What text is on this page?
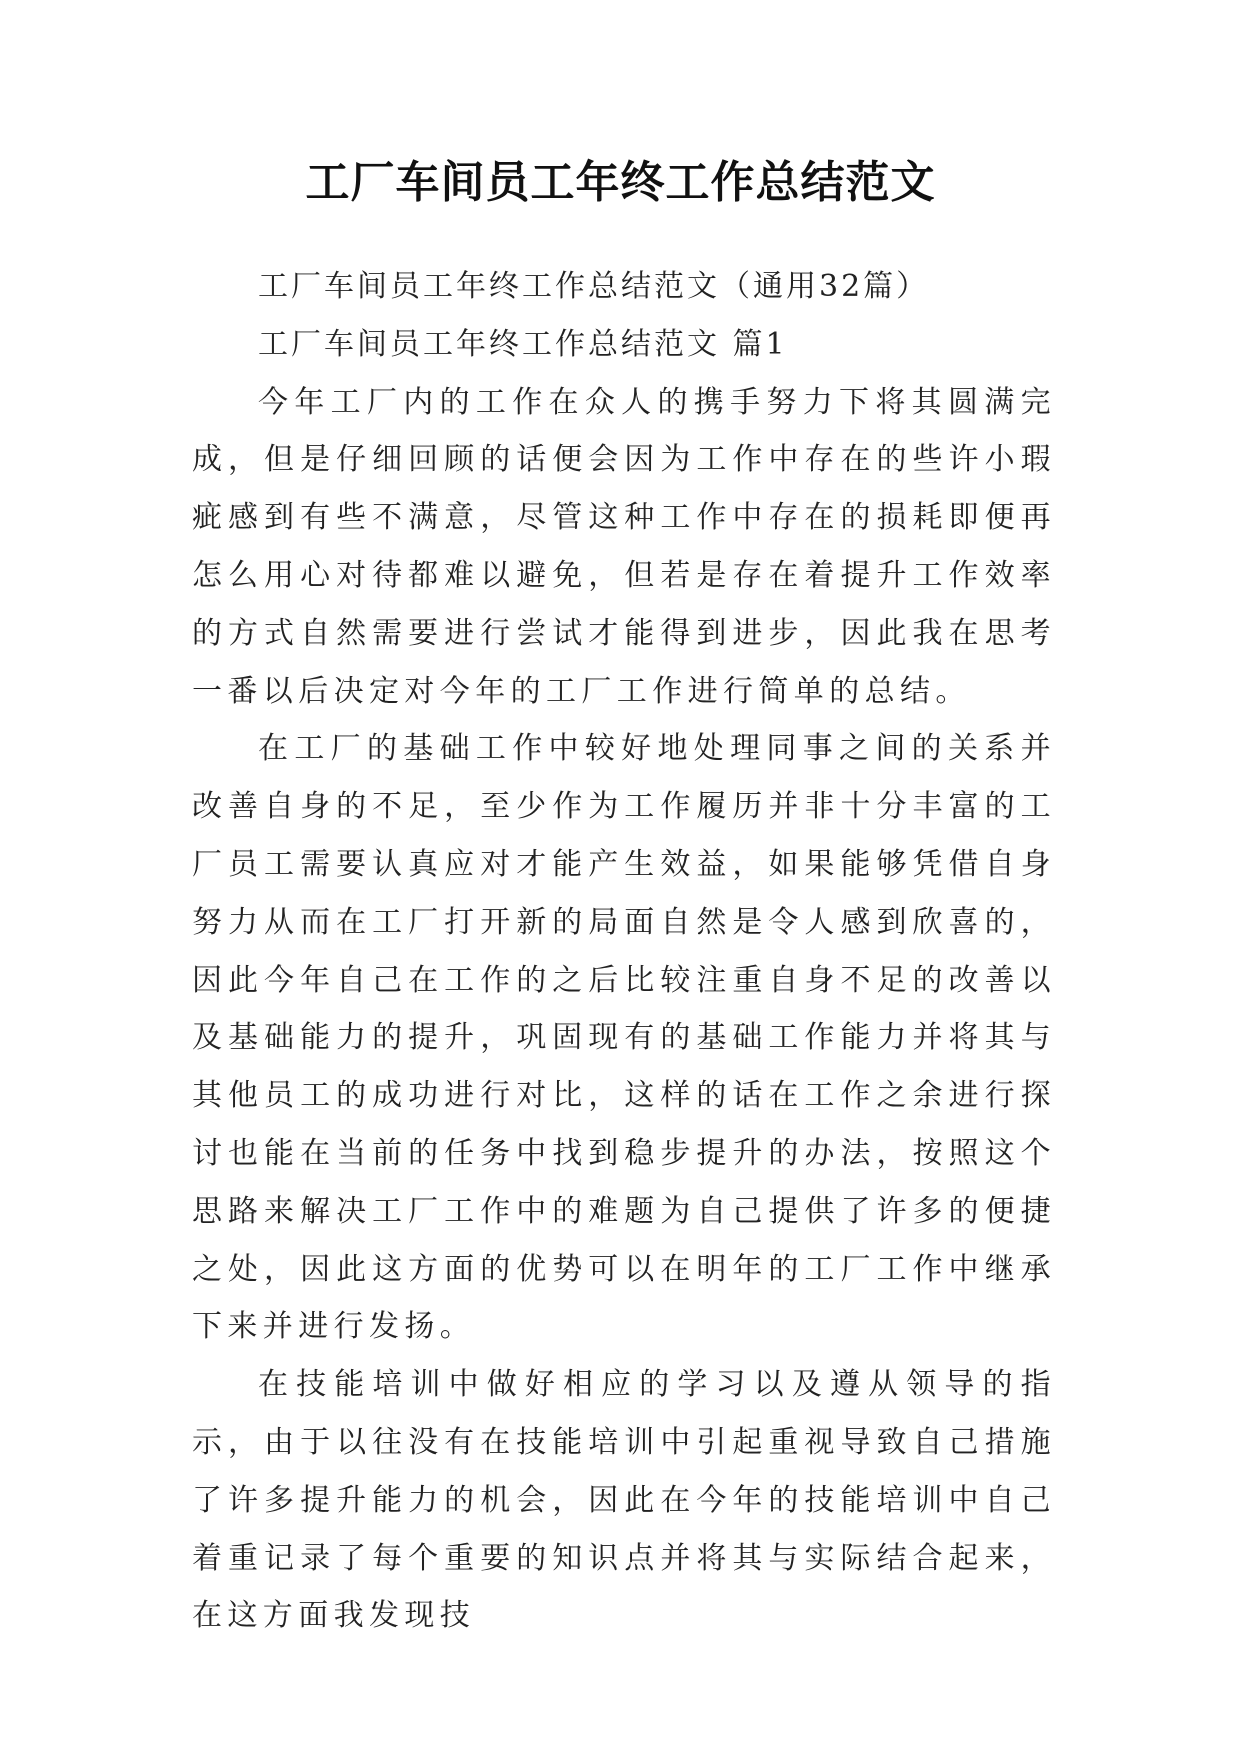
工厂车间员工年终工作总结范文

工厂车间员工年终工作总结范文（通用32篇）

工厂车间员工年终工作总结范文 篇1

今年工厂内的工作在众人的携手努力下将其圆满完成，但是仔细回顾的话便会因为工作中存在的些许小瑕疵感到有些不满意，尽管这种工作中存在的损耗即便再怎么用心对待都难以避免，但若是存在着提升工作效率的方式自然需要进行尝试才能得到进步，因此我在思考一番以后决定对今年的工厂工作进行简单的总结。

在工厂的基础工作中较好地处理同事之间的关系并改善自身的不足，至少作为工作履历并非十分丰富的工厂员工需要认真应对才能产生效益，如果能够凭借自身努力从而在工厂打开新的局面自然是令人感到欣喜的，因此今年自己在工作的之后比较注重自身不足的改善以及基础能力的提升，巩固现有的基础工作能力并将其与其他员工的成功进行对比，这样的话在工作之余进行探讨也能在当前的任务中找到稳步提升的办法，按照这个思路来解决工厂工作中的难题为自己提供了许多的便捷之处，因此这方面的优势可以在明年的工厂工作中继承下来并进行发扬。

在技能培训中做好相应的学习以及遵从领导的指示，由于以往没有在技能培训中引起重视导致自己措施了许多提升能力的机会，因此在今年的技能培训中自己着重记录了每个重要的知识点并将其与实际结合起来，在这方面我发现技
